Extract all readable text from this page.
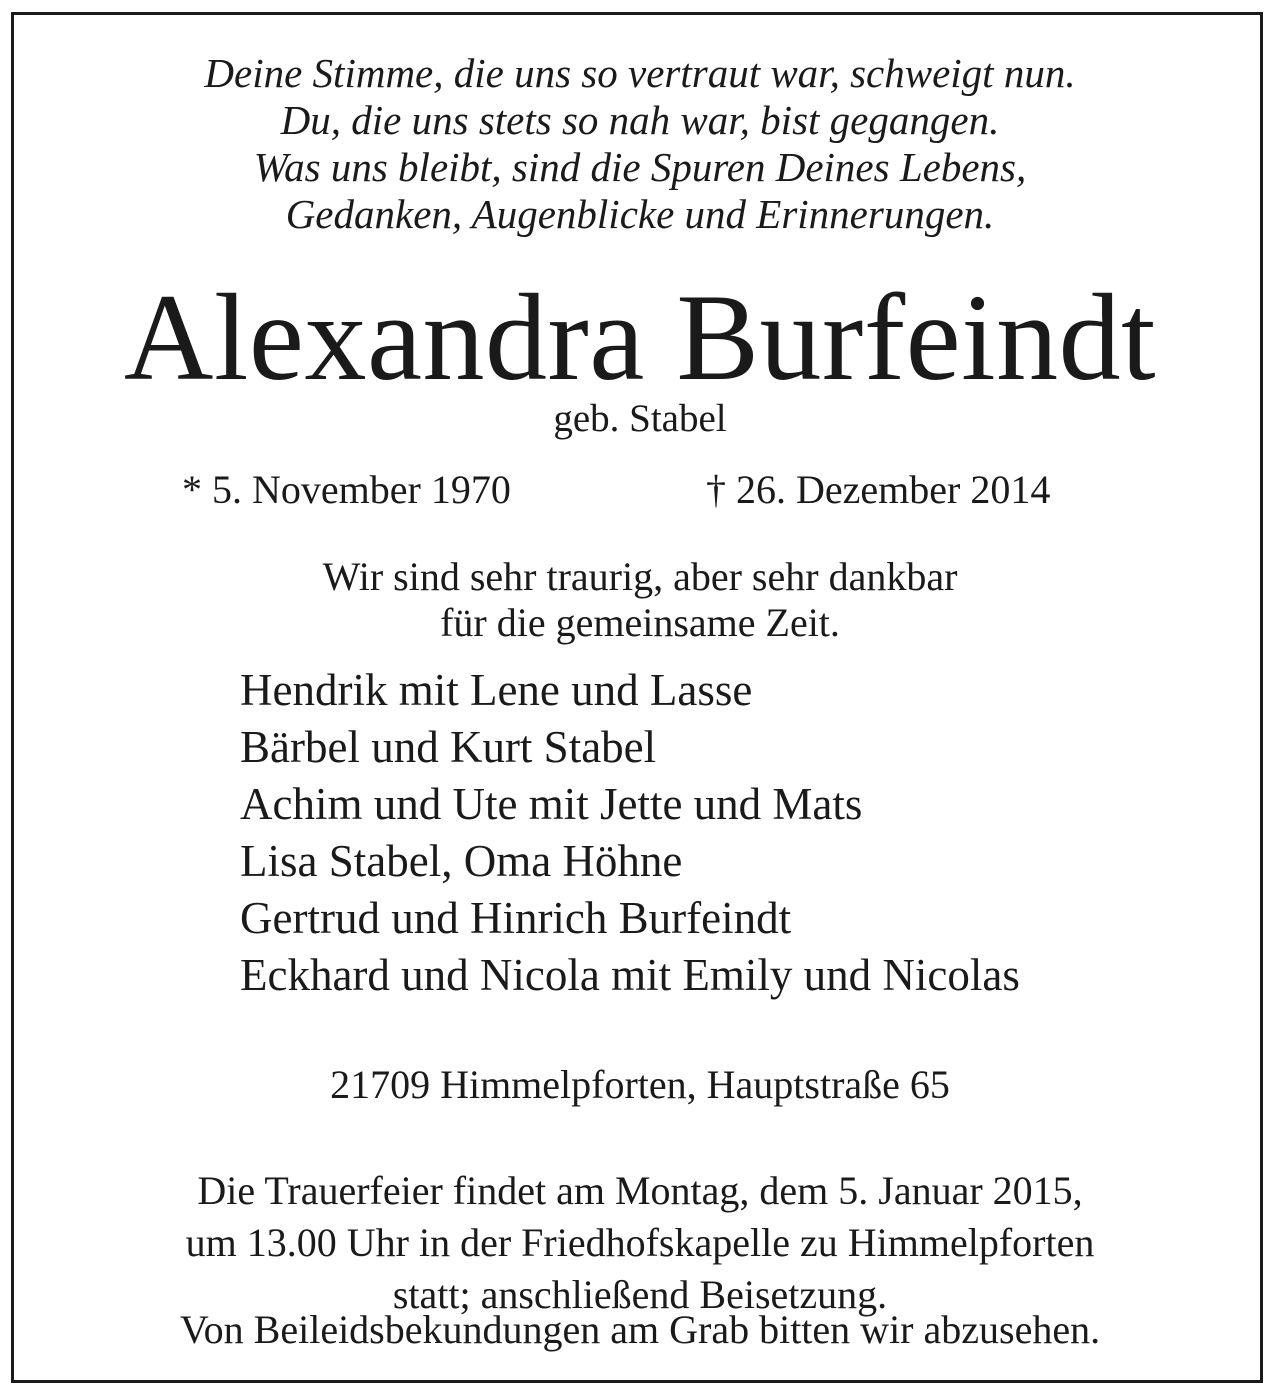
Deine Stimme, die uns so vertraut war, schweigt nun.
Du, die uns stets so nah war, bist gegangen.
Was uns bleibt, sind die Spuren Deines Lebens,
Gedanken, Augenblicke und Erinnerungen.
Alexandra Burfeindt
geb. Stabel
* 5. November 1970	† 26. Dezember 2014
Wir sind sehr traurig, aber sehr dankbar
für die gemeinsame Zeit.
Hendrik mit Lene und Lasse
Bärbel und Kurt Stabel
Achim und Ute mit Jette und Mats
Lisa Stabel, Oma Höhne
Gertrud und Hinrich Burfeindt
Eckhard und Nicola mit Emily und Nicolas
21709 Himmelpforten, Hauptstraße 65
Die Trauerfeier findet am Montag, dem 5. Januar 2015,
um 13.00 Uhr in der Friedhofskapelle zu Himmelpforten
statt; anschließend Beisetzung.
Von Beileidsbekundungen am Grab bitten wir abzusehen.
